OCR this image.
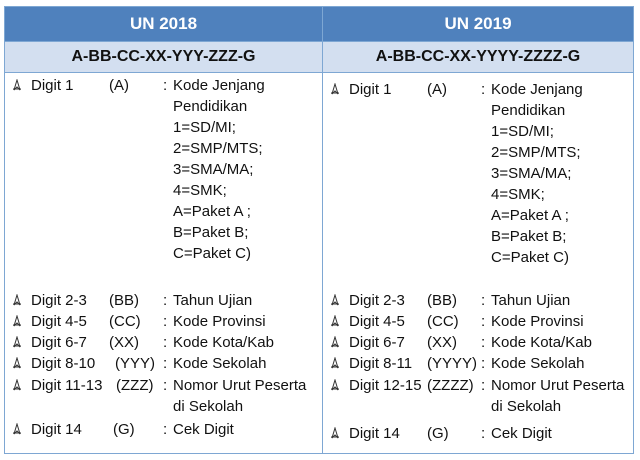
UN 2018
A-BB-CC-XX-YYY-ZZZ-G
Digit 1 (A) : Kode Jenjang
Pendidikan
1=SD/MI;
2=SMP/MTS;
3=SMA/MA;
4=SMK;
A=Paket A ;
B=Paket B;
C=Paket C)
Digit 2-3 (BB) : Tahun Ujian
Digit 4-5 (CC) : Kode Provinsi
Digit 6-7 (XX) : Kode Kota/Kab
Digit 8-10 (YYY) : Kode Sekolah
Digit 11-13 (ZZZ) : Nomor Urut Peserta
di Sekolah
Digit 14 (G) : Cek Digit
UN 2019
A-BB-CC-XX-YYYY-ZZZZ-G
Digit 1 (A) : Kode Jenjang
Pendidikan
1=SD/MI;
2=SMP/MTS;
3=SMA/MA;
4=SMK;
A=Paket A ;
B=Paket B;
C=Paket C)
Digit 2-3 (BB) : Tahun Ujian
Digit 4-5 (CC) : Kode Provinsi
Digit 6-7 (XX) : Kode Kota/Kab
Digit 8-11 (YYYY) : Kode Sekolah
Digit 12-15 (ZZZZ) : Nomor Urut Peserta
di Sekolah
Digit 14 (G) : Cek Digit
